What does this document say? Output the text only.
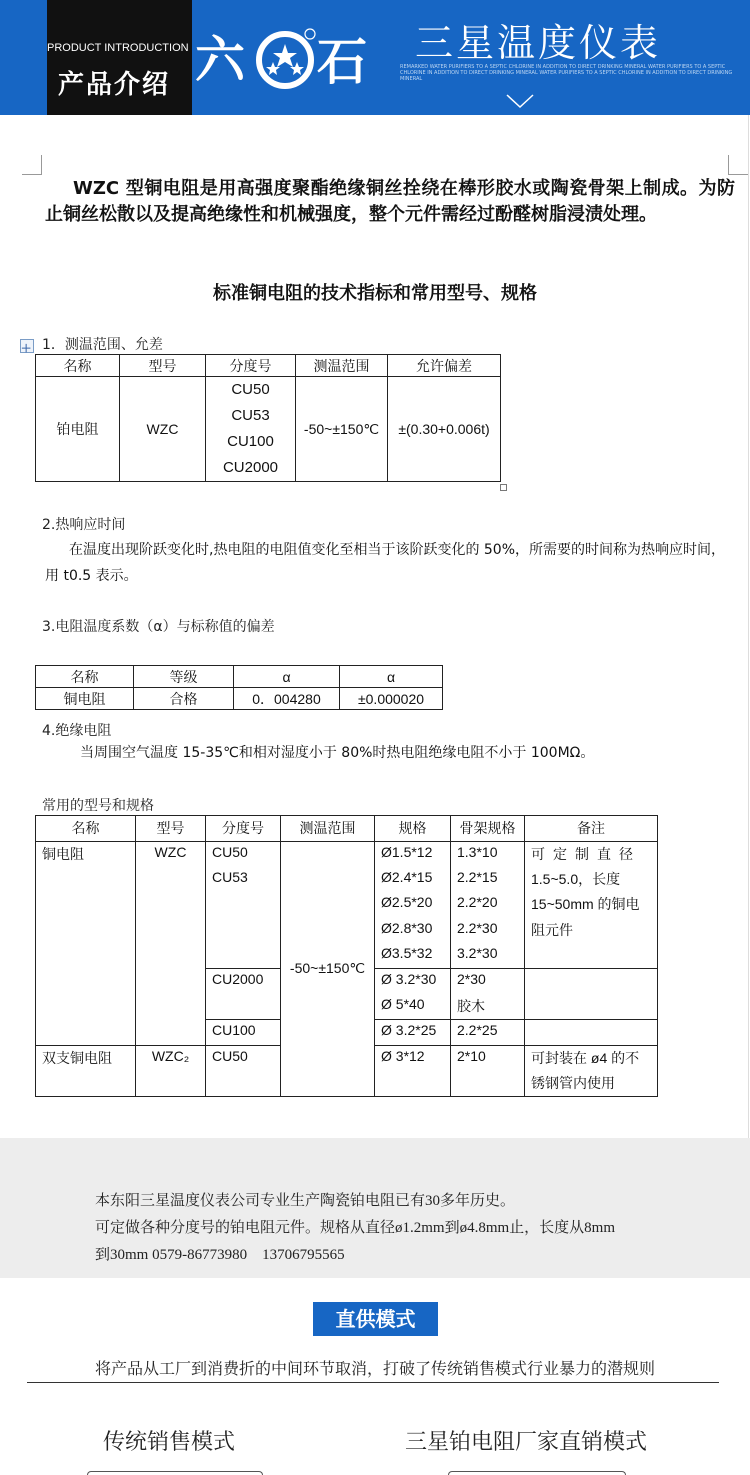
PRODUCT INTRODUCTION
产品介绍 六 石 三星温度仪表
REMARKED WATER PURIFIERS TO A SEPTIC CHLORINE IN ADDITION TO DIRECT DRINKING MINERAL WATER PURIFIERS TO A SEPTIC CHLORINE IN ADDITION TO DIRECT DRINKING MINERAL WATER PURIFIERS TO A SEPTIC CHLORINE IN ADDITION TO DIRECT DRINKING MINERAL
WZC 型铜电阻是用高强度聚酯绝缘铜丝拴绕在棒形胶水或陶瓷骨架上制成。为防止铜丝松散以及提高绝缘性和机械强度，整个元件需经过酚醛树脂浸渍处理。
标准铜电阻的技术指标和常用型号、规格
1．测温范围、允差
名称	型号	分度号	测温范围	允许偏差
铂电阻	WZC	CU50
CU53
CU100
CU2000	-50~±150℃	±(0.30+0.006t)
2.热响应时间
在温度出现阶跃变化时,热电阻的电阻值变化至相当于该阶跃变化的 50%，所需要的时间称为热响应时间，用 t0.5 表示。
3.电阻温度系数（α）与标称值的偏差
名称	等级	α	α
铜电阻	合格	0．004280	±0.000020
4.绝缘电阻
当周围空气温度 15-35℃和相对湿度小于 80%时热电阻绝缘电阻不小于 100MΩ。
常用的型号和规格
名称	型号	分度号	测温范围	规格	骨架规格	备注
铜电阻	WZC	CU50	-50~±150℃	Ø1.5*12	1.3*10	可定制直径
		CU53		Ø2.4*15	2.2*15	1.5~5.0，长度
				Ø2.5*20	2.2*20	15~50mm 的铜电
				Ø2.8*30	2.2*30	阻元件
				Ø3.5*32	3.2*30	
		CU2000		Ø 3.2*30	2*30	
				Ø 5*40	胶木	
		CU100		Ø 3.2*25	2.2*25	
双支铜电阻	WZC₂	CU50		Ø 3*12	2*10	可封装在 ø4 的不
						锈钢管内使用
本东阳三星温度仪表公司专业生产陶瓷铂电阻已有30多年历史。
可定做各种分度号的铂电阻元件。规格从直径ø1.2mm到ø4.8mm止，长度从8mm
到30mm 0579-86773980　13706795565
直供模式
将产品从工厂到消费折的中间环节取消，打破了传统销售模式行业暴力的潜规则
传统销售模式	三星铂电阻厂家直销模式
